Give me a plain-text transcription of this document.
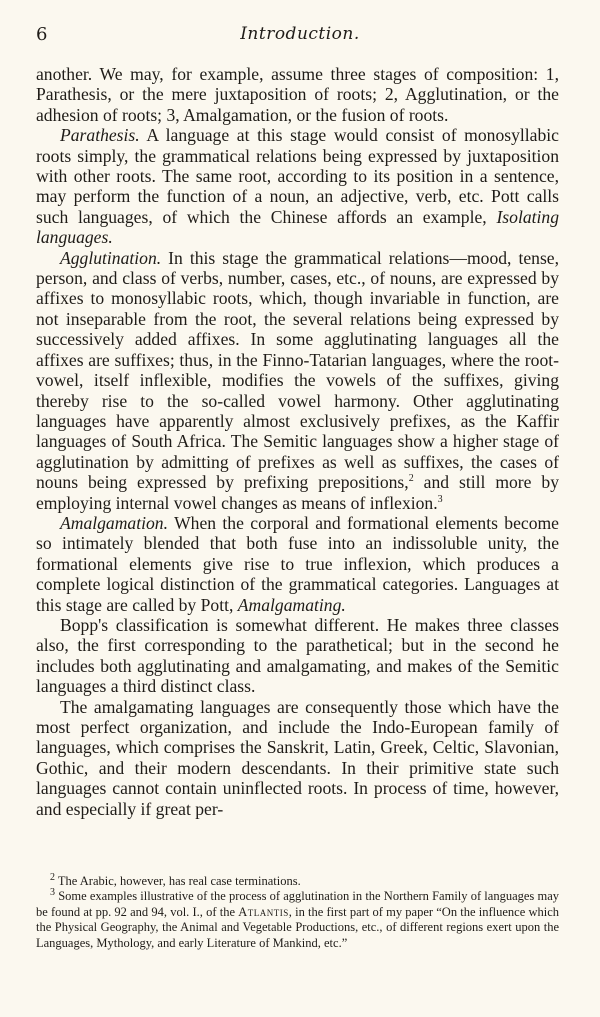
6	Introduction.

another. We may, for example, assume three stages of composition: 1, Parathesis, or the mere juxtaposition of roots; 2, Agglutination, or the adhesion of roots; 3, Amalgamation, or the fusion of roots.

Parathesis. A language at this stage would consist of monosyllabic roots simply, the grammatical relations being expressed by juxtaposition with other roots. The same root, according to its position in a sentence, may perform the function of a noun, an adjective, verb, etc. Pott calls such languages, of which the Chinese affords an example, Isolating languages.

Agglutination. In this stage the grammatical relations—mood, tense, person, and class of verbs, number, cases, etc., of nouns, are expressed by affixes to monosyllabic roots, which, though invariable in function, are not inseparable from the root, the several relations being expressed by successively added affixes. In some agglutinating languages all the affixes are suffixes; thus, in the Finno-Tatarian languages, where the root-vowel, itself inflexible, modifies the vowels of the suffixes, giving thereby rise to the so-called vowel harmony. Other agglutinating languages have apparently almost exclusively prefixes, as the Kaffir languages of South Africa. The Semitic languages show a higher stage of agglutination by admitting of prefixes as well as suffixes, the cases of nouns being expressed by prefixing prepositions,$^2$ and still more by employing internal vowel changes as means of inflexion.$^3$

Amalgamation. When the corporal and formational elements become so intimately blended that both fuse into an indissoluble unity, the formational elements give rise to true inflexion, which produces a complete logical distinction of the grammatical categories. Languages at this stage are called by Pott, Amalgamating.

Bopp's classification is somewhat different. He makes three classes also, the first corresponding to the parathetical; but in the second he includes both agglutinating and amalgamating, and makes of the Semitic languages a third distinct class.

The amalgamating languages are consequently those which have the most perfect organization, and include the Indo-European family of languages, which comprises the Sanskrit, Latin, Greek, Celtic, Slavonian, Gothic, and their modern descendants. In their primitive state such languages cannot contain uninflected roots. In process of time, however, and especially if great per-

$^2$ The Arabic, however, has real case terminations.

$^3$ Some examples illustrative of the process of agglutination in the Northern Family of languages may be found at pp. 92 and 94, vol. I., of the Atlantis, in the first part of my paper “On the influence which the Physical Geography, the Animal and Vegetable Productions, etc., of different regions exert upon the Languages, Mythology, and early Literature of Mankind, etc.”
